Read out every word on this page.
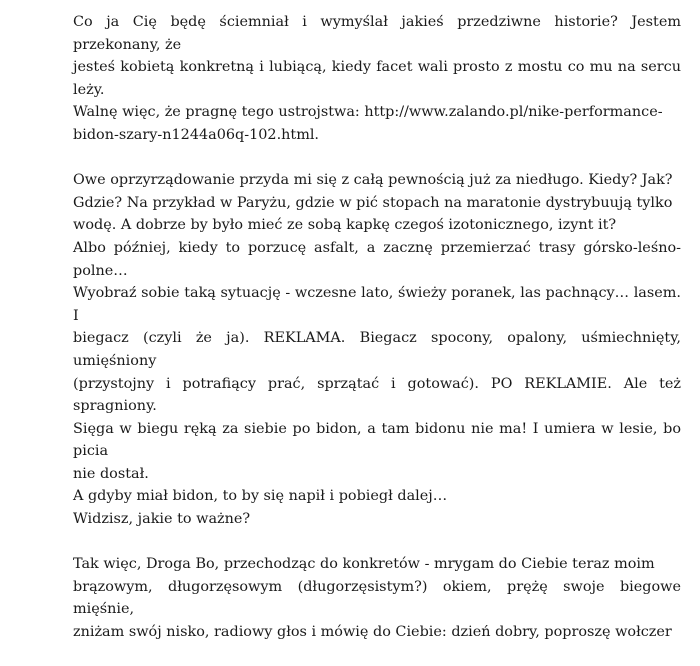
Co ja Cię będę ściemniał i wymyślał jakieś przedziwne historie? Jestem przekonany, że
jesteś kobietą konkretną i lubiącą, kiedy facet wali prosto z mostu co mu na sercu leży.
Walnę więc, że pragnę tego ustrojstwa: http://www.zalando.pl/nike-performance-
bidon-szary-n1244a06q-102.html.

Owe oprzyrządowanie przyda mi się z całą pewnością już za niedługo. Kiedy? Jak?
Gdzie? Na przykład w Paryżu, gdzie w pić stopach na maratonie dystrybuują tylko
wodę. A dobrze by było mieć ze sobą kapkę czegoś izotonicznego, izynt it?
Albo później, kiedy to porzucę asfalt, a zacznę przemierzać trasy górsko-leśno-polne…
Wyobraź sobie taką sytuację - wczesne lato, świeży poranek, las pachnący… lasem. I
biegacz (czyli że ja). REKLAMA. Biegacz spocony, opalony, uśmiechnięty, umięśniony
(przystojny i potrafiący prać, sprzątać i gotować). PO REKLAMIE. Ale też spragniony.
Sięga w biegu ręką za siebie po bidon, a tam bidonu nie ma! I umiera w lesie, bo picia
nie dostał.
A gdyby miał bidon, to by się napił i pobiegł dalej…
Widzisz, jakie to ważne?

Tak więc, Droga Bo, przechodząc do konkretów - mrygam do Ciebie teraz moim
brązowym, długorzęsowym (długorzęsistym?) okiem, prężę swoje biegowe mięśnie,
zniżam swój nisko, radiowy głos i mówię do Ciebie: dzień dobry, poproszę wołczer
